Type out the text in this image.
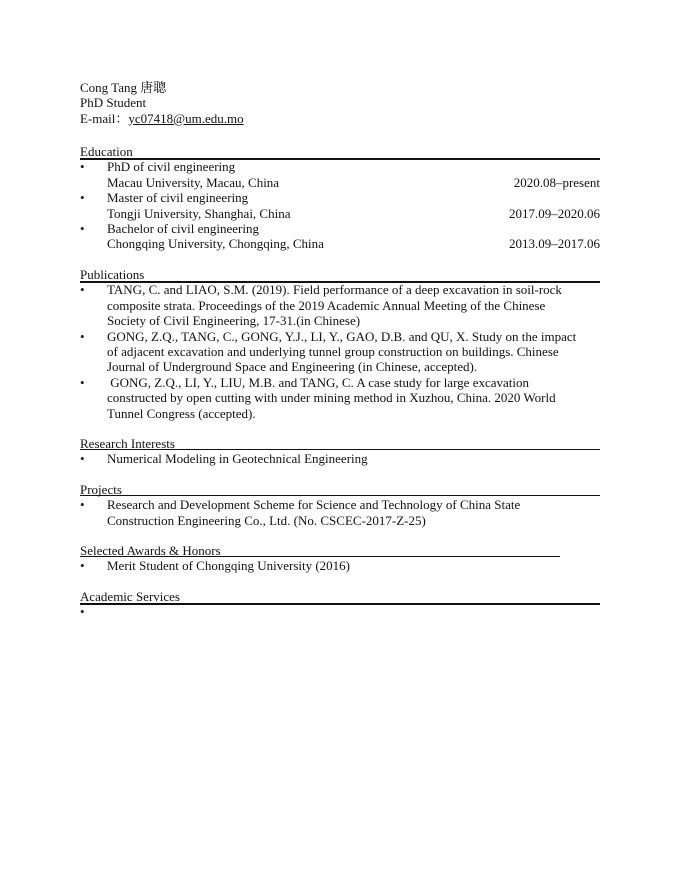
Cong Tang 唐聰
PhD Student
E-mail：yc07418@um.edu.mo
Education
• PhD of civil engineering
Macau University, Macau, China	2020.08–present
• Master of civil engineering
Tongji University, Shanghai, China	2017.09–2020.06
• Bachelor of civil engineering
Chongqing University, Chongqing, China	2013.09–2017.06
Publications
• TANG, C. and LIAO, S.M. (2019). Field performance of a deep excavation in soil-rock
composite strata. Proceedings of the 2019 Academic Annual Meeting of the Chinese
Society of Civil Engineering, 17-31.(in Chinese)
• GONG, Z.Q., TANG, C., GONG, Y.J., LI, Y., GAO, D.B. and QU, X. Study on the impact
of adjacent excavation and underlying tunnel group construction on buildings. Chinese
Journal of Underground Space and Engineering (in Chinese, accepted).
• GONG, Z.Q., LI, Y., LIU, M.B. and TANG, C. A case study for large excavation
constructed by open cutting with under mining method in Xuzhou, China. 2020 World
Tunnel Congress (accepted).
Research Interests
• Numerical Modeling in Geotechnical Engineering
Projects
• Research and Development Scheme for Science and Technology of China State
Construction Engineering Co., Ltd. (No. CSCEC-2017-Z-25)
Selected Awards & Honors
• Merit Student of Chongqing University (2016)
Academic Services
•
